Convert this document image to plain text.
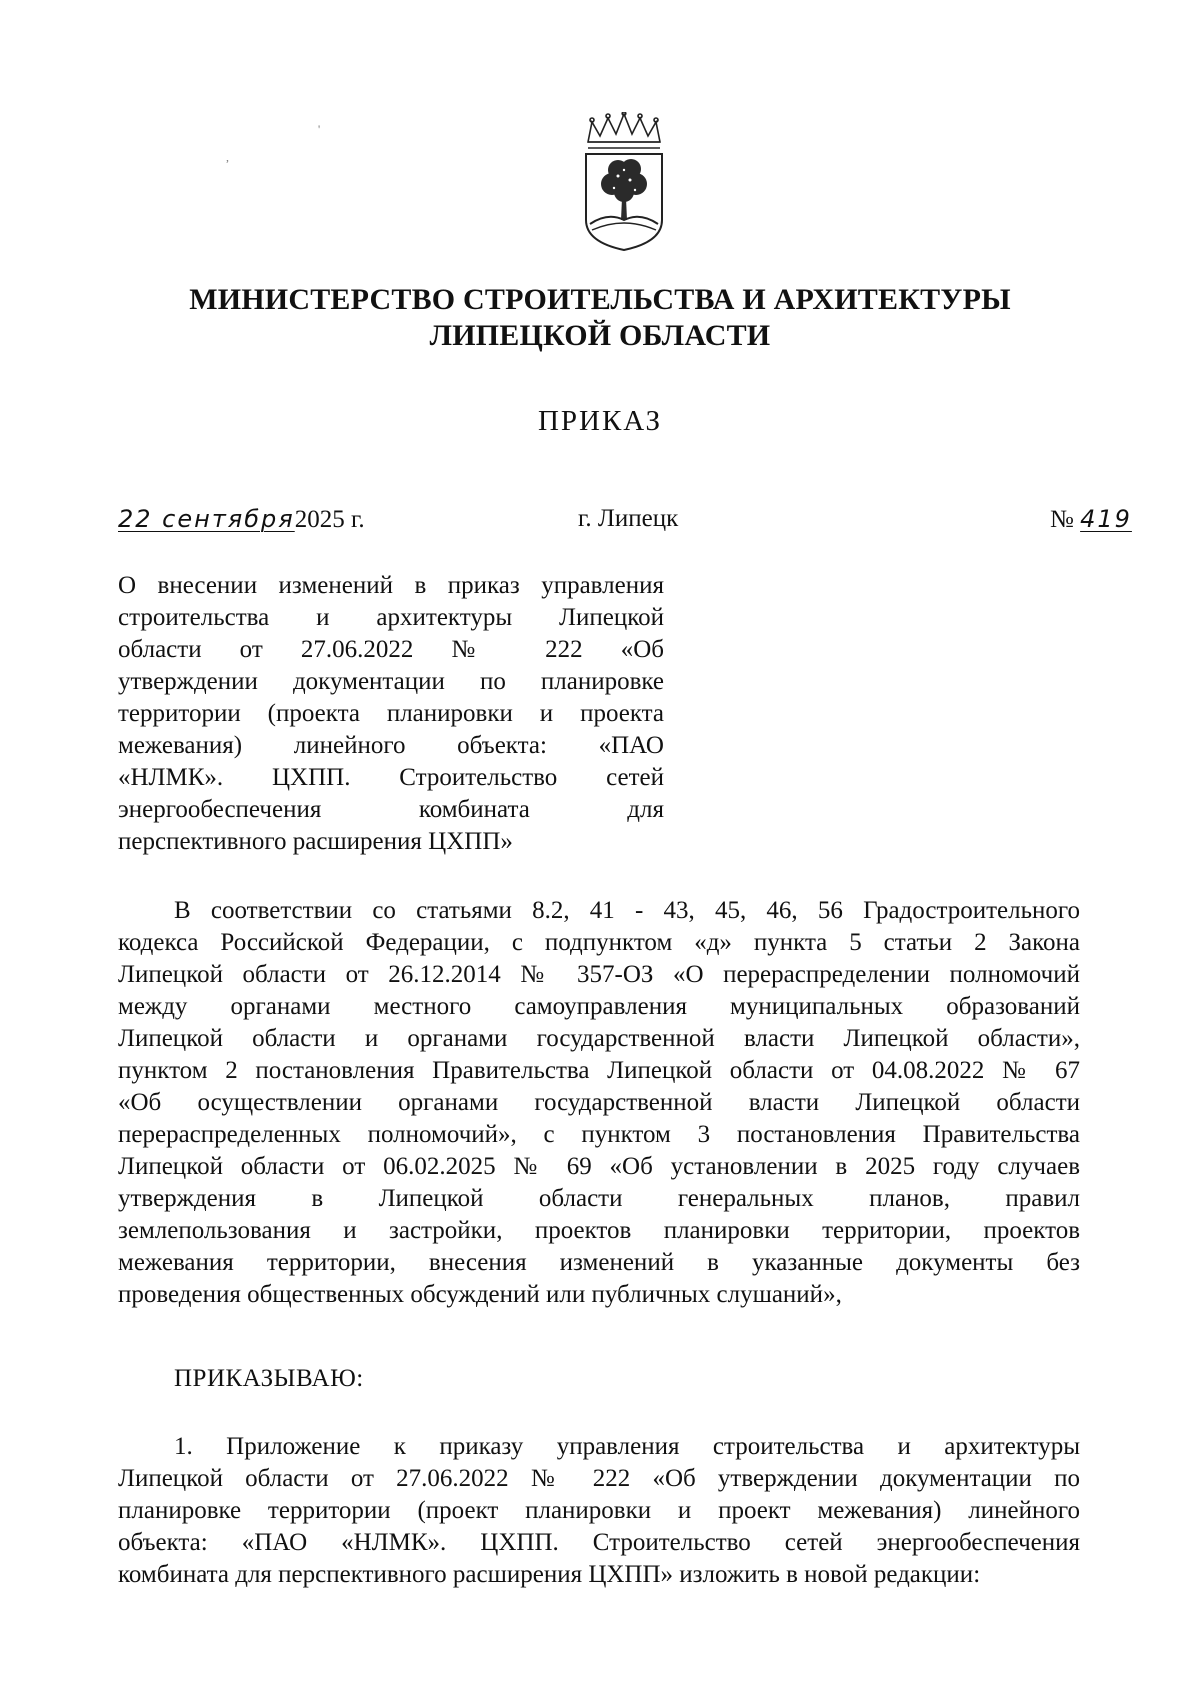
МИНИСТЕРСТВО СТРОИТЕЛЬСТВА И АРХИТЕКТУРЫ
ЛИПЕЦКОЙ ОБЛАСТИ
ПРИКАЗ
22 сентября2025 г.	г. Липецк	№ 419
О внесении изменений в приказ управления
строительства и архитектуры Липецкой
области от 27.06.2022 № 222 «Об
утверждении документации по планировке
территории (проекта планировки и проекта
межевания) линейного объекта: «ПАО
«НЛМК». ЦХПП. Строительство сетей
энергообеспечения комбината для
перспективного расширения ЦХПП»
В соответствии со статьями 8.2, 41 - 43, 45, 46, 56 Градостроительного
кодекса Российской Федерации, с подпунктом «д» пункта 5 статьи 2 Закона
Липецкой области от 26.12.2014 № 357-ОЗ «О перераспределении полномочий
между органами местного самоуправления муниципальных образований
Липецкой области и органами государственной власти Липецкой области»,
пунктом 2 постановления Правительства Липецкой области от 04.08.2022 № 67
«Об осуществлении органами государственной власти Липецкой области
перераспределенных полномочий», с пунктом 3 постановления Правительства
Липецкой области от 06.02.2025 № 69 «Об установлении в 2025 году случаев
утверждения в Липецкой области генеральных планов, правил
землепользования и застройки, проектов планировки территории, проектов
межевания территории, внесения изменений в указанные документы без
проведения общественных обсуждений или публичных слушаний»,
ПРИКАЗЫВАЮ:
1. Приложение к приказу управления строительства и архитектуры
Липецкой области от 27.06.2022 № 222 «Об утверждении документации по
планировке территории (проект планировки и проект межевания) линейного
объекта: «ПАО «НЛМК». ЦХПП. Строительство сетей энергообеспечения
комбината для перспективного расширения ЦХПП» изложить в новой редакции:
'
,
